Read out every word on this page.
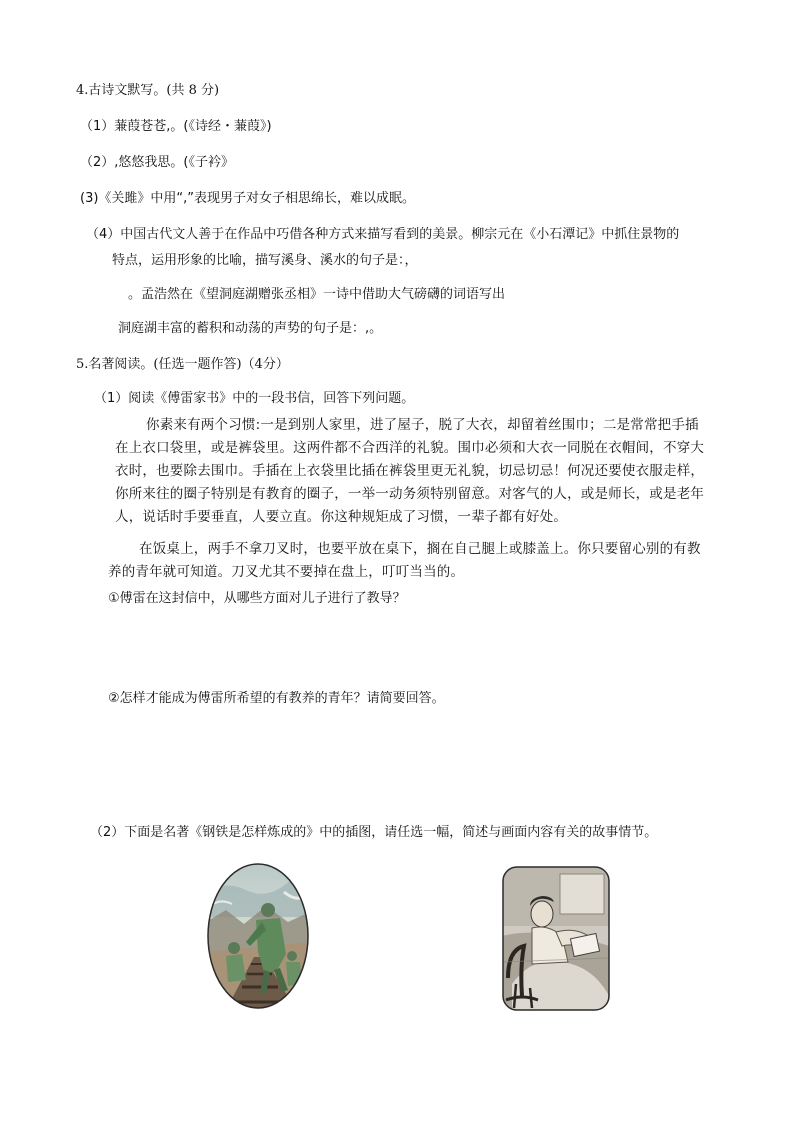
4.古诗文默写。(共 8 分)
（1）蒹葭苍苍,。(《诗经・蒹葭》)
（2）,悠悠我思。(《子衿》
(3)《关雎》中用“,”表现男子对女子相思绵长，难以成眠。
（4）中国古代文人善于在作品中巧借各种方式来描写看到的美景。柳宗元在《小石潭记》中抓住景物的
特点，运用形象的比喻，描写溪身、溪水的句子是：，
。孟浩然在《望洞庭湖赠张丞相》一诗中借助大气磅礴的词语写出
洞庭湖丰富的蓄积和动荡的声势的句子是：,。
5.名著阅读。(任选一题作答)（4分）
（1）阅读《傅雷家书》中的一段书信，回答下列问题。
你素来有两个习惯:一是到别人家里，进了屋子，脱了大衣，却留着丝围巾；二是常常把手插
在上衣口袋里，或是裤袋里。这两件都不合西洋的礼貌。围巾必须和大衣一同脱在衣帽间，不穿大
衣时，也要除去围巾。手插在上衣袋里比插在裤袋里更无礼貌，切忌切忌！何况还要使衣服走样，
你所来往的圈子特别是有教育的圈子，一举一动务须特别留意。对客气的人，或是师长，或是老年
人，说话时手要垂直，人要立直。你这种规矩成了习惯，一辈子都有好处。
在饭桌上，两手不拿刀叉时，也要平放在桌下，搁在自己腿上或膝盖上。你只要留心别的有教
养的青年就可知道。刀叉尤其不要掉在盘上，叮叮当当的。
①傅雷在这封信中，从哪些方面对儿子进行了教导？
②怎样才能成为傅雷所希望的有教养的青年？请简要回答。
（2）下面是名著《钢铁是怎样炼成的》中的插图，请任选一幅，简述与画面内容有关的故事情节。
